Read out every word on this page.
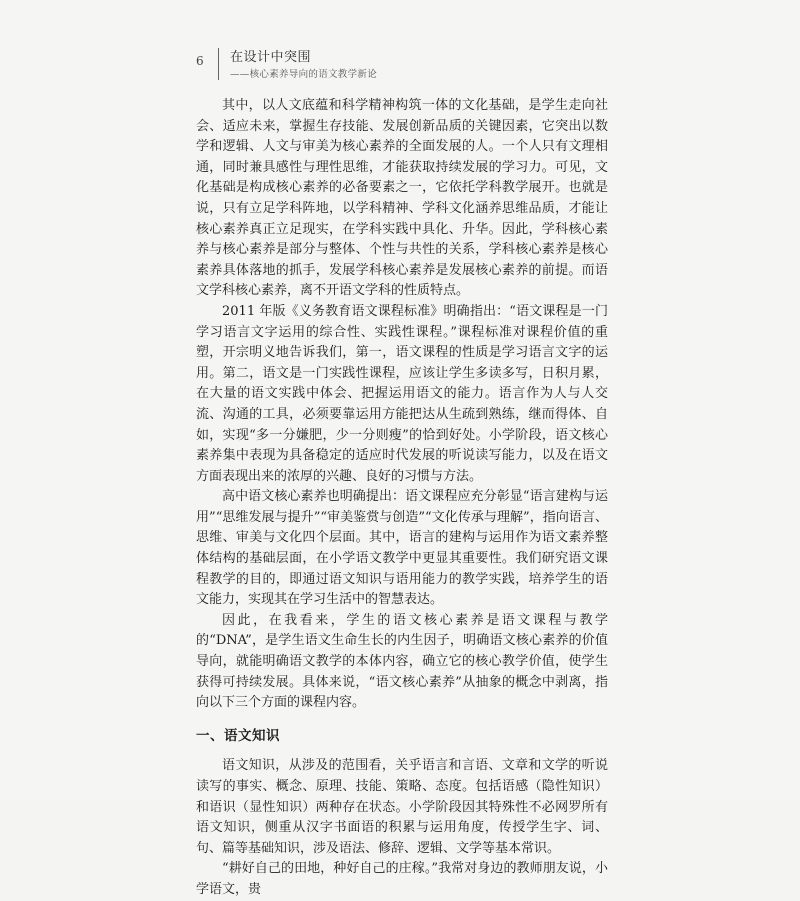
6 在设计中突围
——核心素养导向的语文教学新论

其中，以人文底蕴和科学精神构筑一体的文化基础，是学生走向社会、适应未来，掌握生存技能、发展创新品质的关键因素，它突出以数学和逻辑、人文与审美为核心素养的全面发展的人。一个人只有文理相通，同时兼具感性与理性思维，才能获取持续发展的学习力。可见，文化基础是构成核心素养的必备要素之一，它依托学科教学展开。也就是说，只有立足学科阵地，以学科精神、学科文化涵养思维品质，才能让核心素养真正立足现实，在学科实践中具化、升华。因此，学科核心素养与核心素养是部分与整体、个性与共性的关系，学科核心素养是核心素养具体落地的抓手，发展学科核心素养是发展核心素养的前提。而语文学科核心素养，离不开语文学科的性质特点。

2011 年版《义务教育语文课程标准》明确指出：“语文课程是一门学习语言文字运用的综合性、实践性课程。”课程标准对课程价值的重塑，开宗明义地告诉我们，第一，语文课程的性质是学习语言文字的运用。第二，语文是一门实践性课程，应该让学生多读多写，日积月累，在大量的语文实践中体会、把握运用语文的能力。语言作为人与人交流、沟通的工具，必须要靠运用方能把达从生疏到熟练，继而得体、自如，实现“多一分嫌肥，少一分则瘦”的恰到好处。小学阶段，语文核心素养集中表现为具备稳定的适应时代发展的听说读写能力，以及在语文方面表现出来的浓厚的兴趣、良好的习惯与方法。

高中语文核心素养也明确提出：语文课程应充分彰显“语言建构与运用”“思维发展与提升”“审美鉴赏与创造”“文化传承与理解”，指向语言、思维、审美与文化四个层面。其中，语言的建构与运用作为语文素养整体结构的基础层面，在小学语文教学中更显其重要性。我们研究语文课程教学的目的，即通过语文知识与语用能力的教学实践，培养学生的语文能力，实现其在学习生活中的智慧表达。

因此，在我看来，学生的语文核心素养是语文课程与教学的“DNA”，是学生语文生命生长的内生因子，明确语文核心素养的价值导向，就能明确语文教学的本体内容，确立它的核心教学价值，使学生获得可持续发展。具体来说，“语文核心素养”从抽象的概念中剥离，指向以下三个方面的课程内容。

一、语文知识

语文知识，从涉及的范围看，关乎语言和言语、文章和文学的听说读写的事实、概念、原理、技能、策略、态度。包括语感（隐性知识）和语识（显性知识）两种存在状态。小学阶段因其特殊性不必网罗所有语文知识，侧重从汉字书面语的积累与运用角度，传授学生字、词、句、篇等基础知识，涉及语法、修辞、逻辑、文学等基本常识。

“耕好自己的田地，种好自己的庄稼。”我常对身边的教师朋友说，小学语文，贵
